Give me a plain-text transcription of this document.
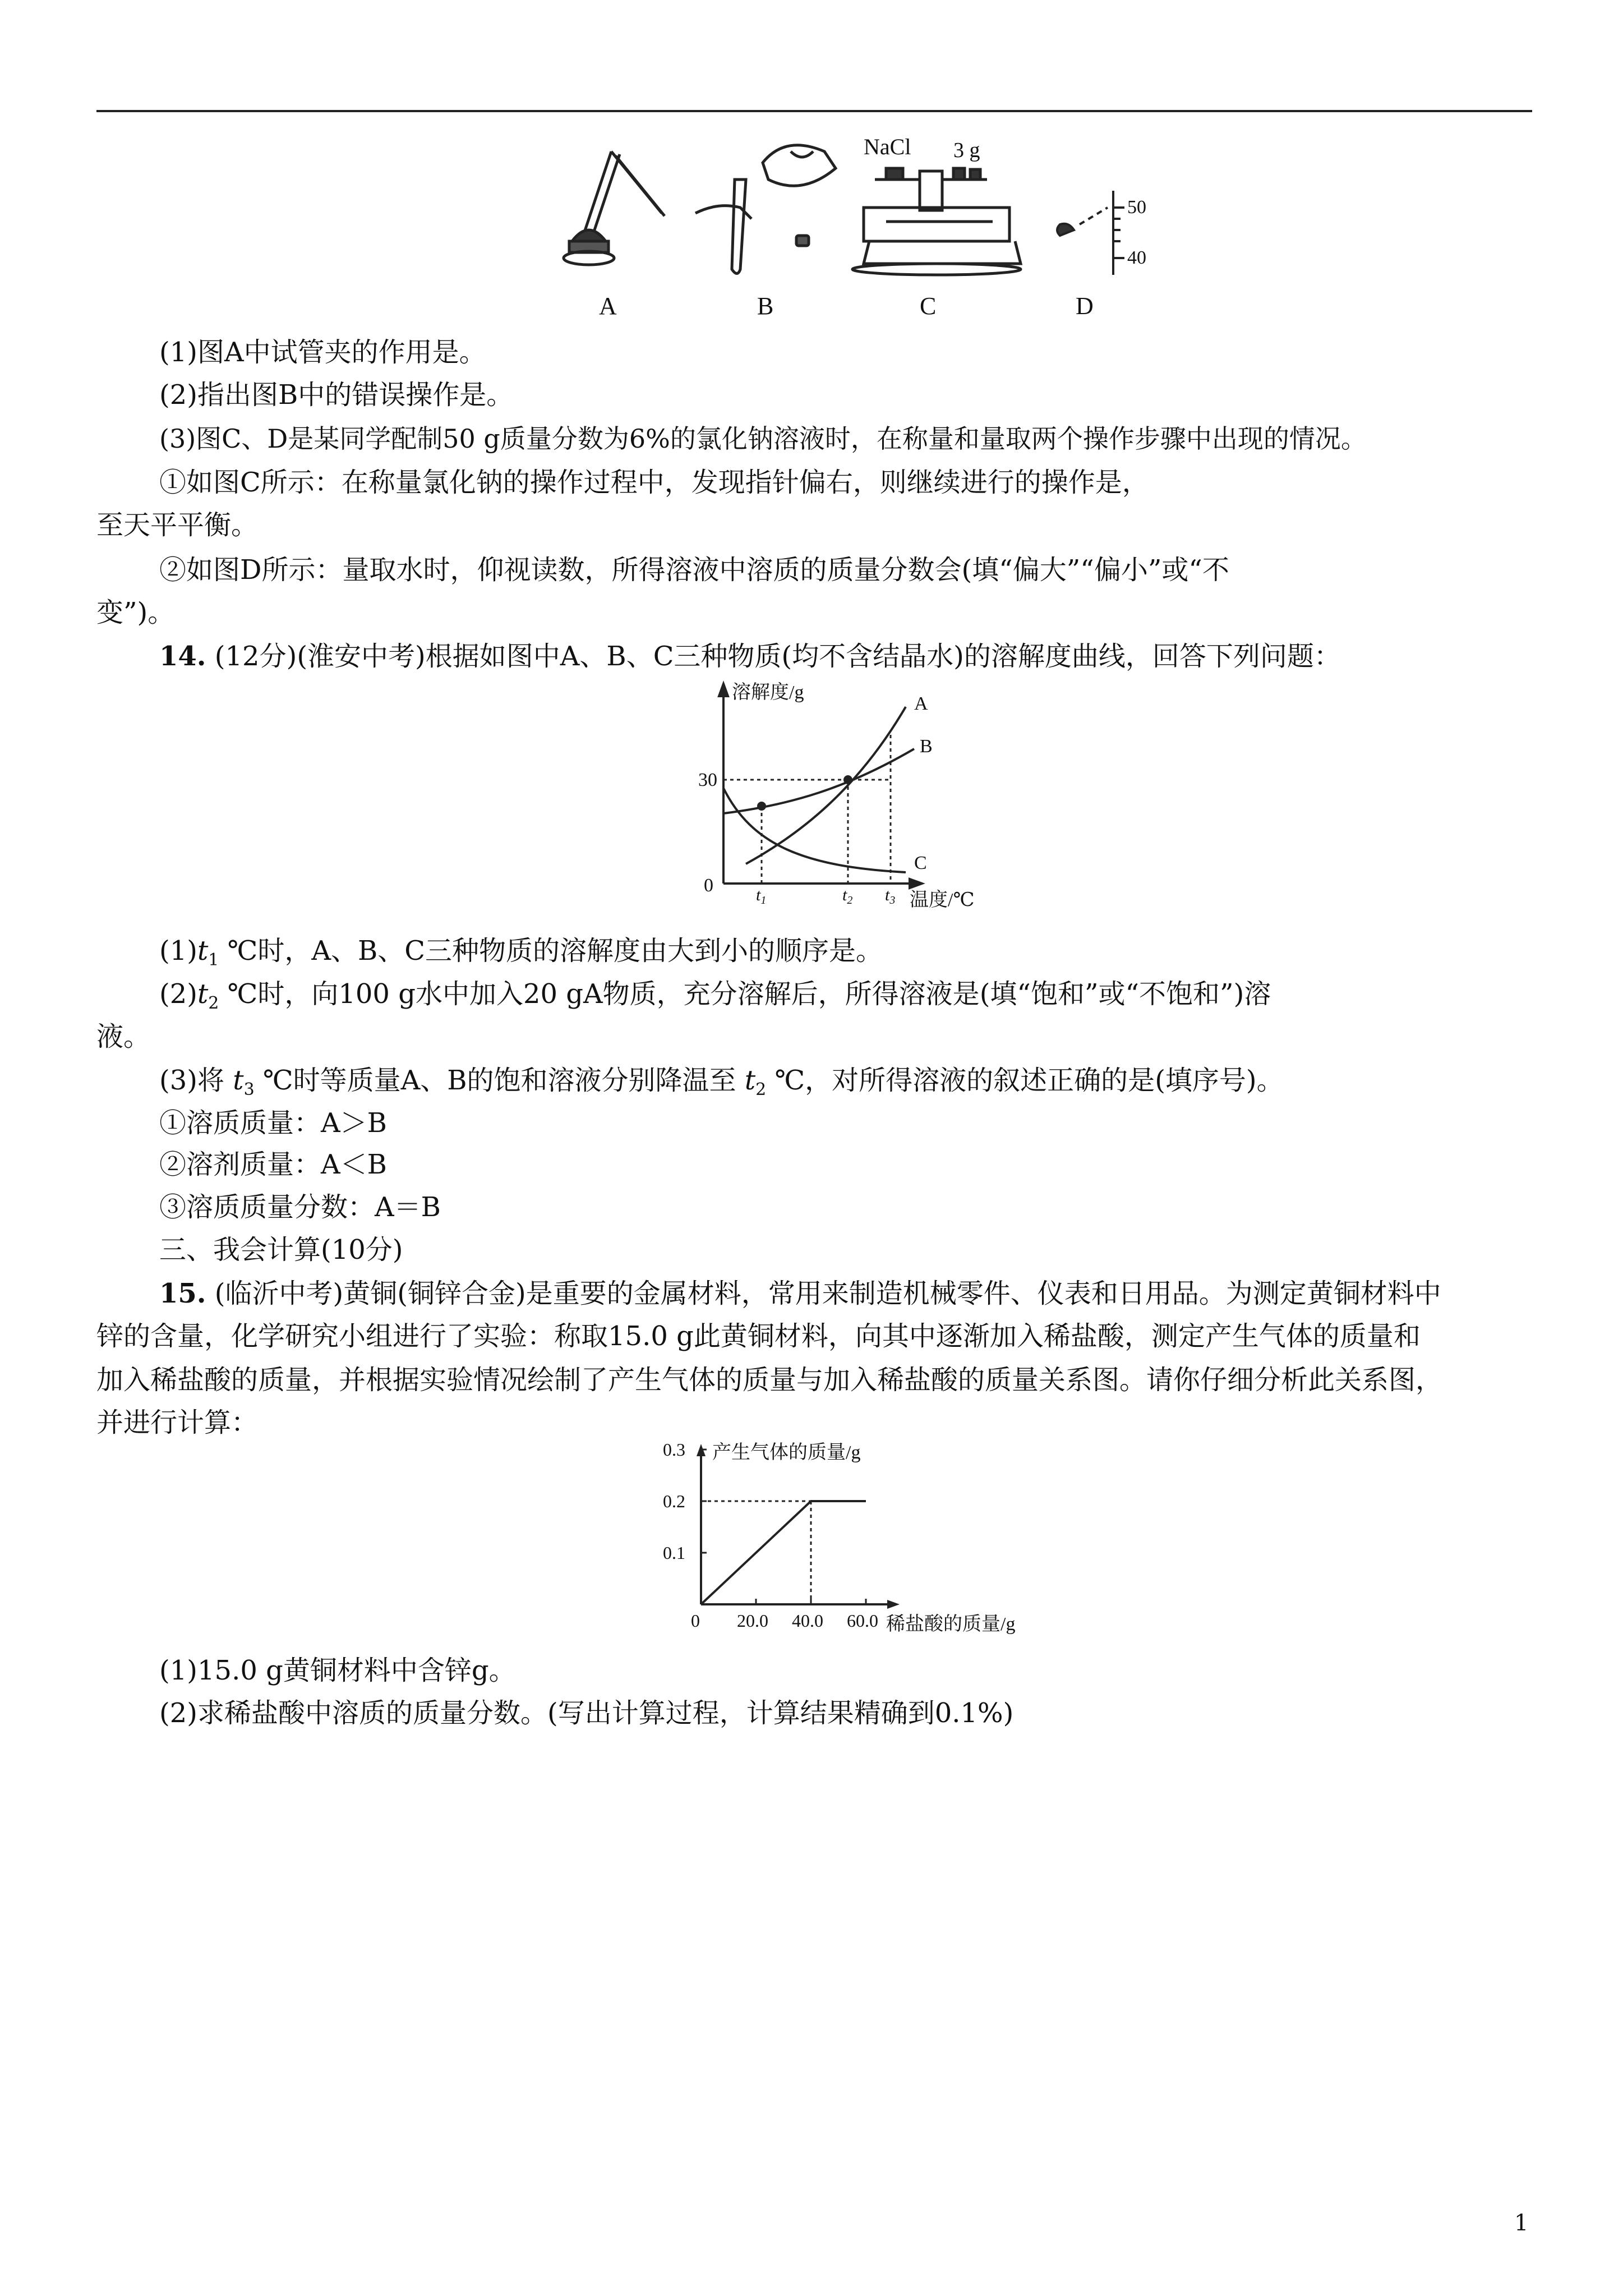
NaCl 3 g
50
40
A	B	C	D
(1)图A中试管夹的作用是。
(2)指出图B中的错误操作是。
(3)图C、D是某同学配制50 g质量分数为6%的氯化钠溶液时，在称量和量取两个操作步骤中出现的情况。
①如图C所示：在称量氯化钠的操作过程中，发现指针偏右，则继续进行的操作是，
至天平平衡。
②如图D所示：量取水时，仰视读数，所得溶液中溶质的质量分数会(填“偏大”“偏小”或“不
变”)。
14. (12分)(淮安中考)根据如图中A、B、C三种物质(均不含结晶水)的溶解度曲线，回答下列问题：
溶解度/g
30
0
A
B
C
$t_1$	$t_2$ $t_3$ 温度/℃
$(1)t_1$ ℃时，A、B、C三种物质的溶解度由大到小的顺序是。
$(2)t_2$ ℃时，向100 g水中加入20 gA物质，充分溶解后，所得溶液是(填“饱和”或“不饱和”)溶
液。
(3)将 $t_3$ ℃时等质量A、B的饱和溶液分别降温至 $t_2$ ℃，对所得溶液的叙述正确的是(填序号)。
①溶质质量：A＞B
②溶剂质量：A＜B
③溶质质量分数：A＝B
三、我会计算(10分)
15. (临沂中考)黄铜(铜锌合金)是重要的金属材料，常用来制造机械零件、仪表和日用品。为测定黄铜材料中
锌的含量，化学研究小组进行了实验：称取15.0 g此黄铜材料，向其中逐渐加入稀盐酸，测定产生气体的质量和
加入稀盐酸的质量，并根据实验情况绘制了产生气体的质量与加入稀盐酸的质量关系图。请你仔细分析此关系图，
并进行计算：
产生气体的质量/g
0	稀盐酸的质量/g
0.1
0.2
0.3
20.0 40.0 60.0
(1)15.0 g黄铜材料中含锌g。
(2)求稀盐酸中溶质的质量分数。(写出计算过程，计算结果精确到0.1%)
1
